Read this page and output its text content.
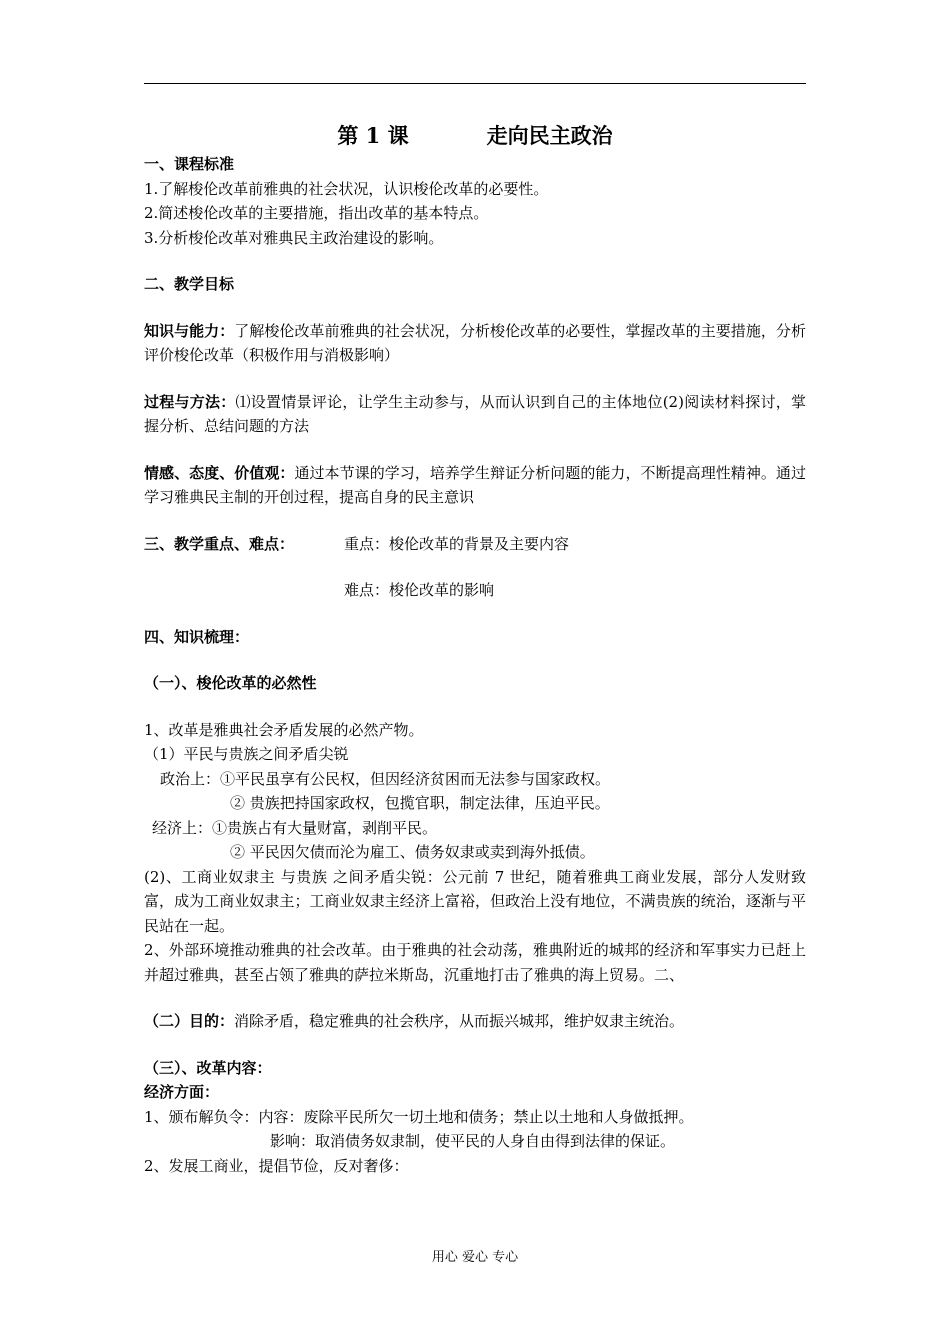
第 1 课	走向民主政治
一、课程标准
1.了解梭伦改革前雅典的社会状况，认识梭伦改革的必要性。
2.简述梭伦改革的主要措施，指出改革的基本特点。
3.分析梭伦改革对雅典民主政治建设的影响。
二、教学目标

知识与能力：了解梭伦改革前雅典的社会状况，分析梭伦改革的必要性，掌握改革的主要措施，分析评价梭伦改革（积极作用与消极影响）

过程与方法：⑴设置情景评论，让学生主动参与，从而认识到自己的主体地位(2)阅读材料探讨，掌握分析、总结问题的方法

情感、态度、价值观：通过本节课的学习，培养学生辩证分析问题的能力，不断提高理性精神。通过学习雅典民主制的开创过程，提高自身的民主意识

三、教学重点、难点：	重点：梭伦改革的背景及主要内容
难点：梭伦改革的影响
四、知识梳理：
（一）、梭伦改革的必然性
1、改革是雅典社会矛盾发展的必然产物。
（1）平民与贵族之间矛盾尖锐
政治上：①平民虽享有公民权，但因经济贫困而无法参与国家政权。
② 贵族把持国家政权，包揽官职，制定法律，压迫平民。
经济上：①贵族占有大量财富，剥削平民。
② 平民因欠债而沦为雇工、债务奴隶或卖到海外抵债。

(2)、工商业奴隶主 与贵族 之间矛盾尖锐：公元前 7 世纪，随着雅典工商业发展，部分人发财致富，成为工商业奴隶主；工商业奴隶主经济上富裕，但政治上没有地位，不满贵族的统治，逐渐与平民站在一起。

2、外部环境推动雅典的社会改革。由于雅典的社会动荡，雅典附近的城邦的经济和军事实力已赶上并超过雅典，甚至占领了雅典的萨拉米斯岛，沉重地打击了雅典的海上贸易。二、

（二）目的：消除矛盾，稳定雅典的社会秩序，从而振兴城邦，维护奴隶主统治。
（三）、改革内容：
经济方面：
1、颁布解负令：内容：废除平民所欠一切土地和债务；禁止以土地和人身做抵押。
影响：取消债务奴隶制，使平民的人身自由得到法律的保证。
2、发展工商业，提倡节俭，反对奢侈：
用心 爱心 专心
